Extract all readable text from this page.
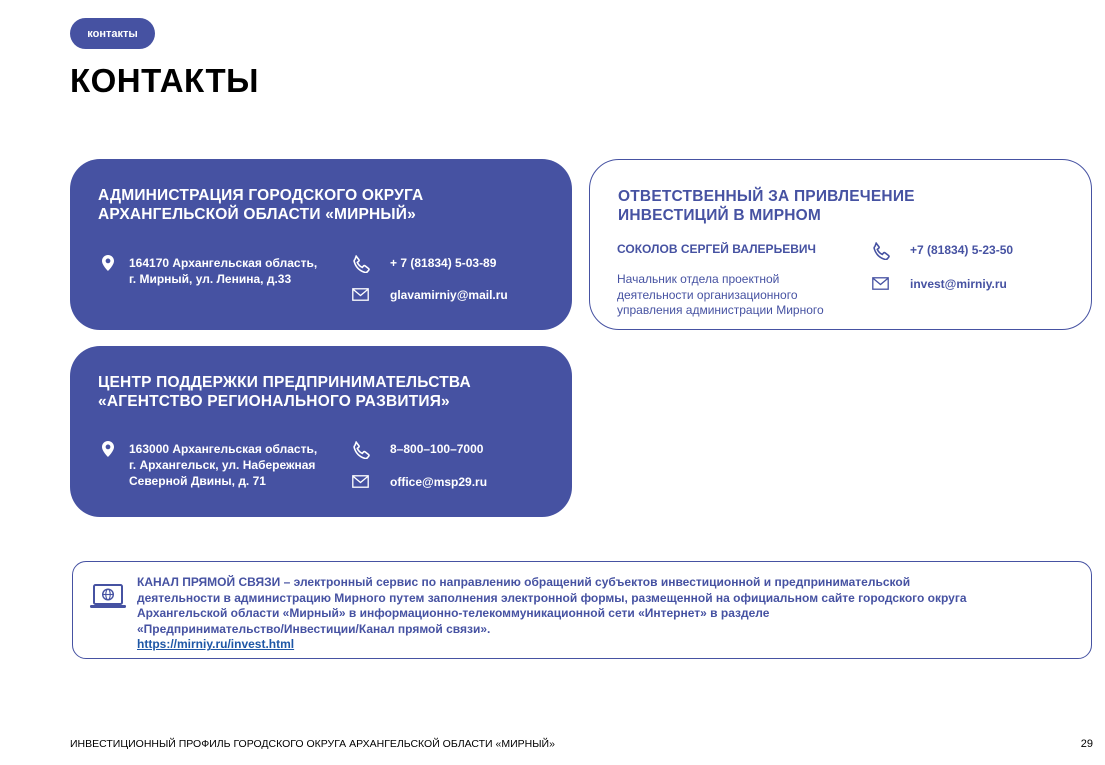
контакты
КОНТАКТЫ
АДМИНИСТРАЦИЯ ГОРОДСКОГО ОКРУГА
АРХАНГЕЛЬСКОЙ ОБЛАСТИ «МИРНЫЙ»
164170 Архангельская область,
г. Мирный, ул. Ленина, д.33
+ 7 (81834) 5-03-89
glavamirniy@mail.ru
ОТВЕТСТВЕННЫЙ ЗА ПРИВЛЕЧЕНИЕ
ИНВЕСТИЦИЙ В МИРНОМ
СОКОЛОВ СЕРГЕЙ ВАЛЕРЬЕВИЧ
Начальник отдела проектной
деятельности организационного
управления администрации Мирного
+7 (81834) 5-23-50
invest@mirniy.ru
ЦЕНТР ПОДДЕРЖКИ ПРЕДПРИНИМАТЕЛЬСТВА
«АГЕНТСТВО РЕГИОНАЛЬНОГО РАЗВИТИЯ»
163000 Архангельская область,
г. Архангельск, ул. Набережная
Северной Двины, д. 71
8–800–100–7000
office@msp29.ru
КАНАЛ ПРЯМОЙ СВЯЗИ – электронный сервис по направлению обращений субъектов инвестиционной и предпринимательской
деятельности в администрацию Мирного путем заполнения электронной формы, размещенной на официальном сайте городского округа
Архангельской области «Мирный» в информационно-телекоммуникационной сети «Интернет» в разделе
«Предпринимательство/Инвестиции/Канал прямой связи».
https://mirniy.ru/invest.html
ИНВЕСТИЦИОННЫЙ ПРОФИЛЬ ГОРОДСКОГО ОКРУГА АРХАНГЕЛЬСКОЙ ОБЛАСТИ «МИРНЫЙ»	29
